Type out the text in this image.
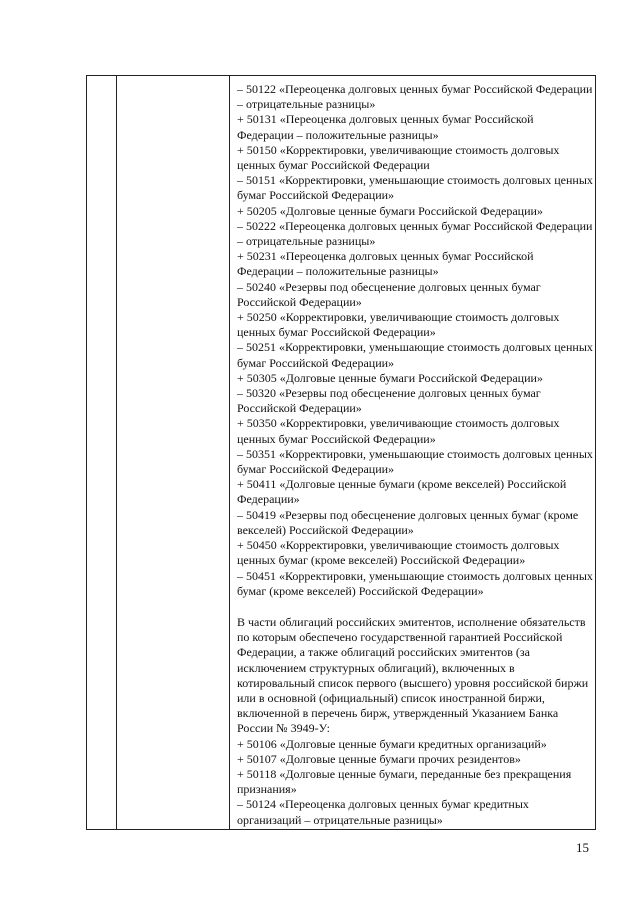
– 50122 «Переоценка долговых ценных бумаг Российской Федерации – отрицательные разницы»

+ 50131 «Переоценка долговых ценных бумаг Российской Федерации – положительные разницы»

+ 50150 «Корректировки, увеличивающие стоимость долговых ценных бумаг Российской Федерации

– 50151 «Корректировки, уменьшающие стоимость долговых ценных бумаг Российской Федерации»

+ 50205 «Долговые ценные бумаги Российской Федерации»

– 50222 «Переоценка долговых ценных бумаг Российской Федерации – отрицательные разницы»

+ 50231 «Переоценка долговых ценных бумаг Российской Федерации – положительные разницы»

– 50240 «Резервы под обесценение долговых ценных бумаг Российской Федерации»

+ 50250 «Корректировки, увеличивающие стоимость долговых ценных бумаг Российской Федерации»

– 50251 «Корректировки, уменьшающие стоимость долговых ценных бумаг Российской Федерации»

+ 50305 «Долговые ценные бумаги Российской Федерации»

– 50320 «Резервы под обесценение долговых ценных бумаг Российской Федерации»

+ 50350 «Корректировки, увеличивающие стоимость долговых ценных бумаг Российской Федерации»

– 50351 «Корректировки, уменьшающие стоимость долговых ценных бумаг Российской Федерации»

+ 50411 «Долговые ценные бумаги (кроме векселей) Российской Федерации»

– 50419 «Резервы под обесценение долговых ценных бумаг (кроме векселей) Российской Федерации»

+ 50450 «Корректировки, увеличивающие стоимость долговых ценных бумаг (кроме векселей) Российской Федерации»

– 50451 «Корректировки, уменьшающие стоимость долговых ценных бумаг (кроме векселей) Российской Федерации»

В части облигаций российских эмитентов, исполнение обязательств по которым обеспечено государственной гарантией Российской Федерации, а также облигаций российских эмитентов (за исключением структурных облигаций), включенных в котировальный список первого (высшего) уровня российской биржи или в основной (официальный) список иностранной биржи, включенной в перечень бирж, утвержденный Указанием Банка России № 3949-У:

+ 50106 «Долговые ценные бумаги кредитных организаций»

+ 50107 «Долговые ценные бумаги прочих резидентов»

+ 50118 «Долговые ценные бумаги, переданные без прекращения признания»

– 50124 «Переоценка долговых ценных бумаг кредитных организаций – отрицательные разницы»

15
